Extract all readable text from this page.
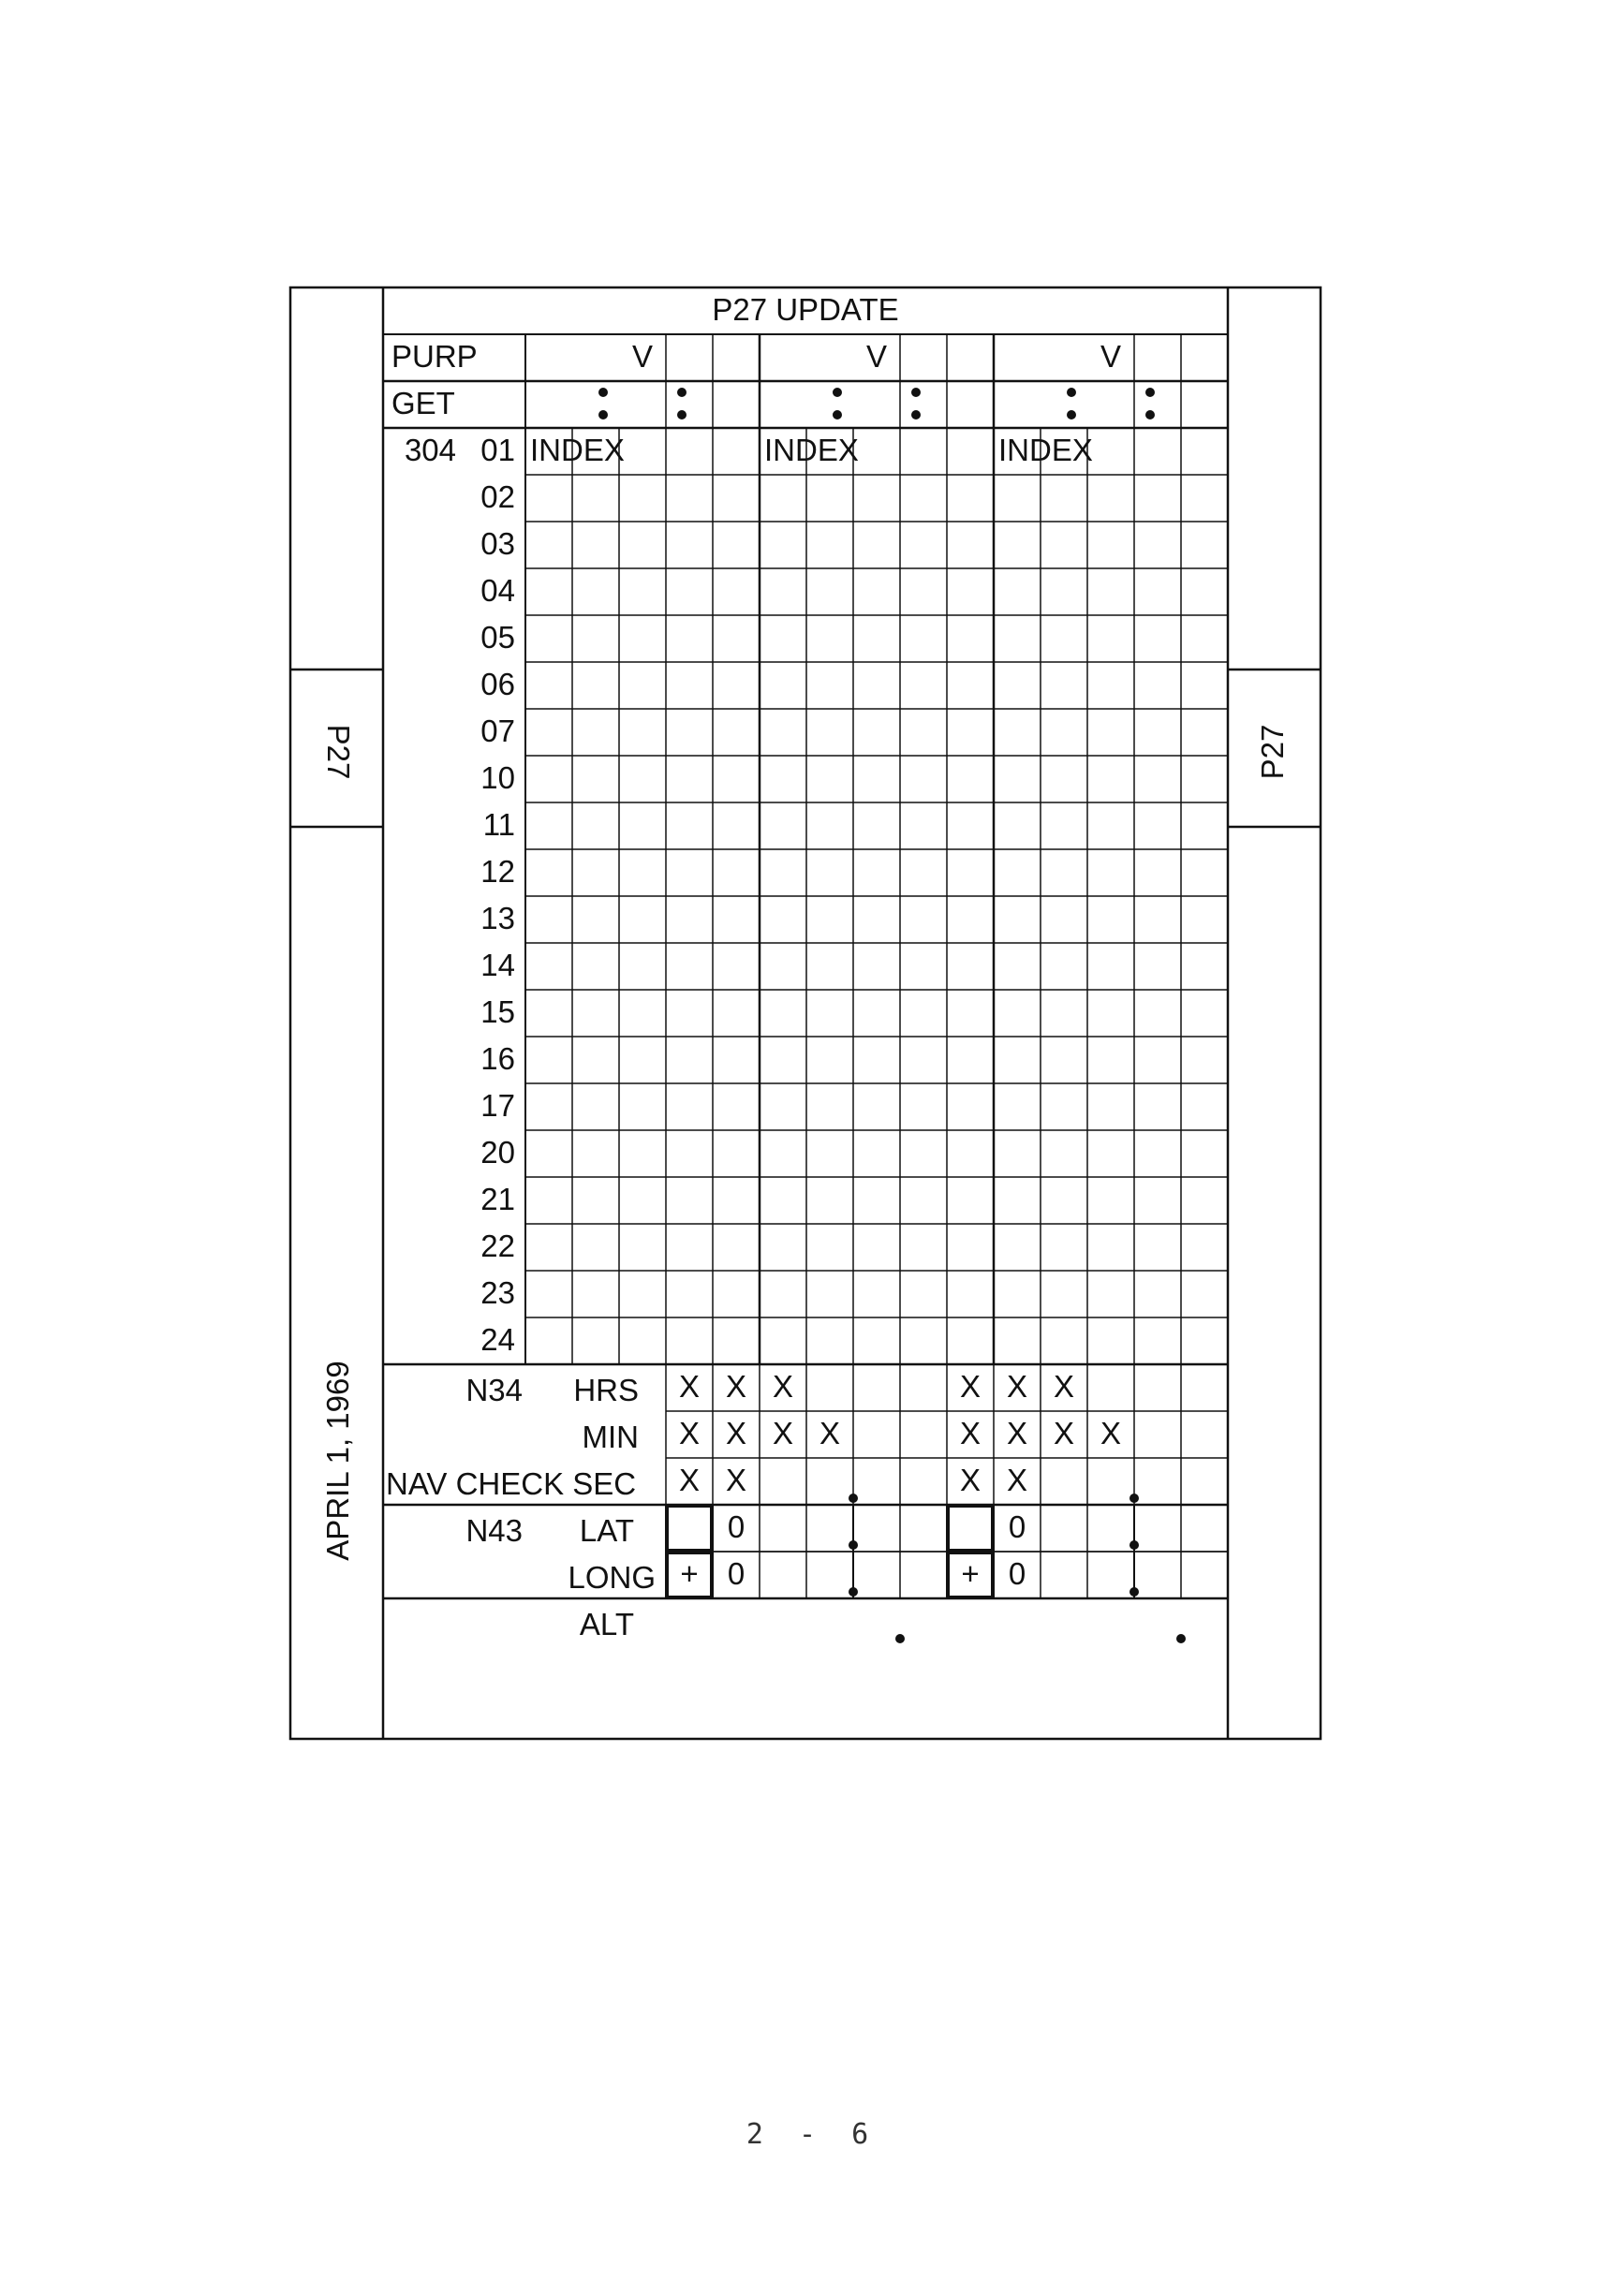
X X X
X X X X
X X
X X X
X X X X
X X
0
+ 0
0
+ 0
P27 UPDATE
P27	P27
APRIL 1, 1969
PURP
GET
V
INDEX
V
INDEX
V
INDEX
304 01
02
03
04
05
06
07
10
11
12
13
14
15
16
17
20
21
22
23
24
N34 HRS
MIN
NAV CHECK SEC
N43 LAT
LONG
ALT
2 - 6
